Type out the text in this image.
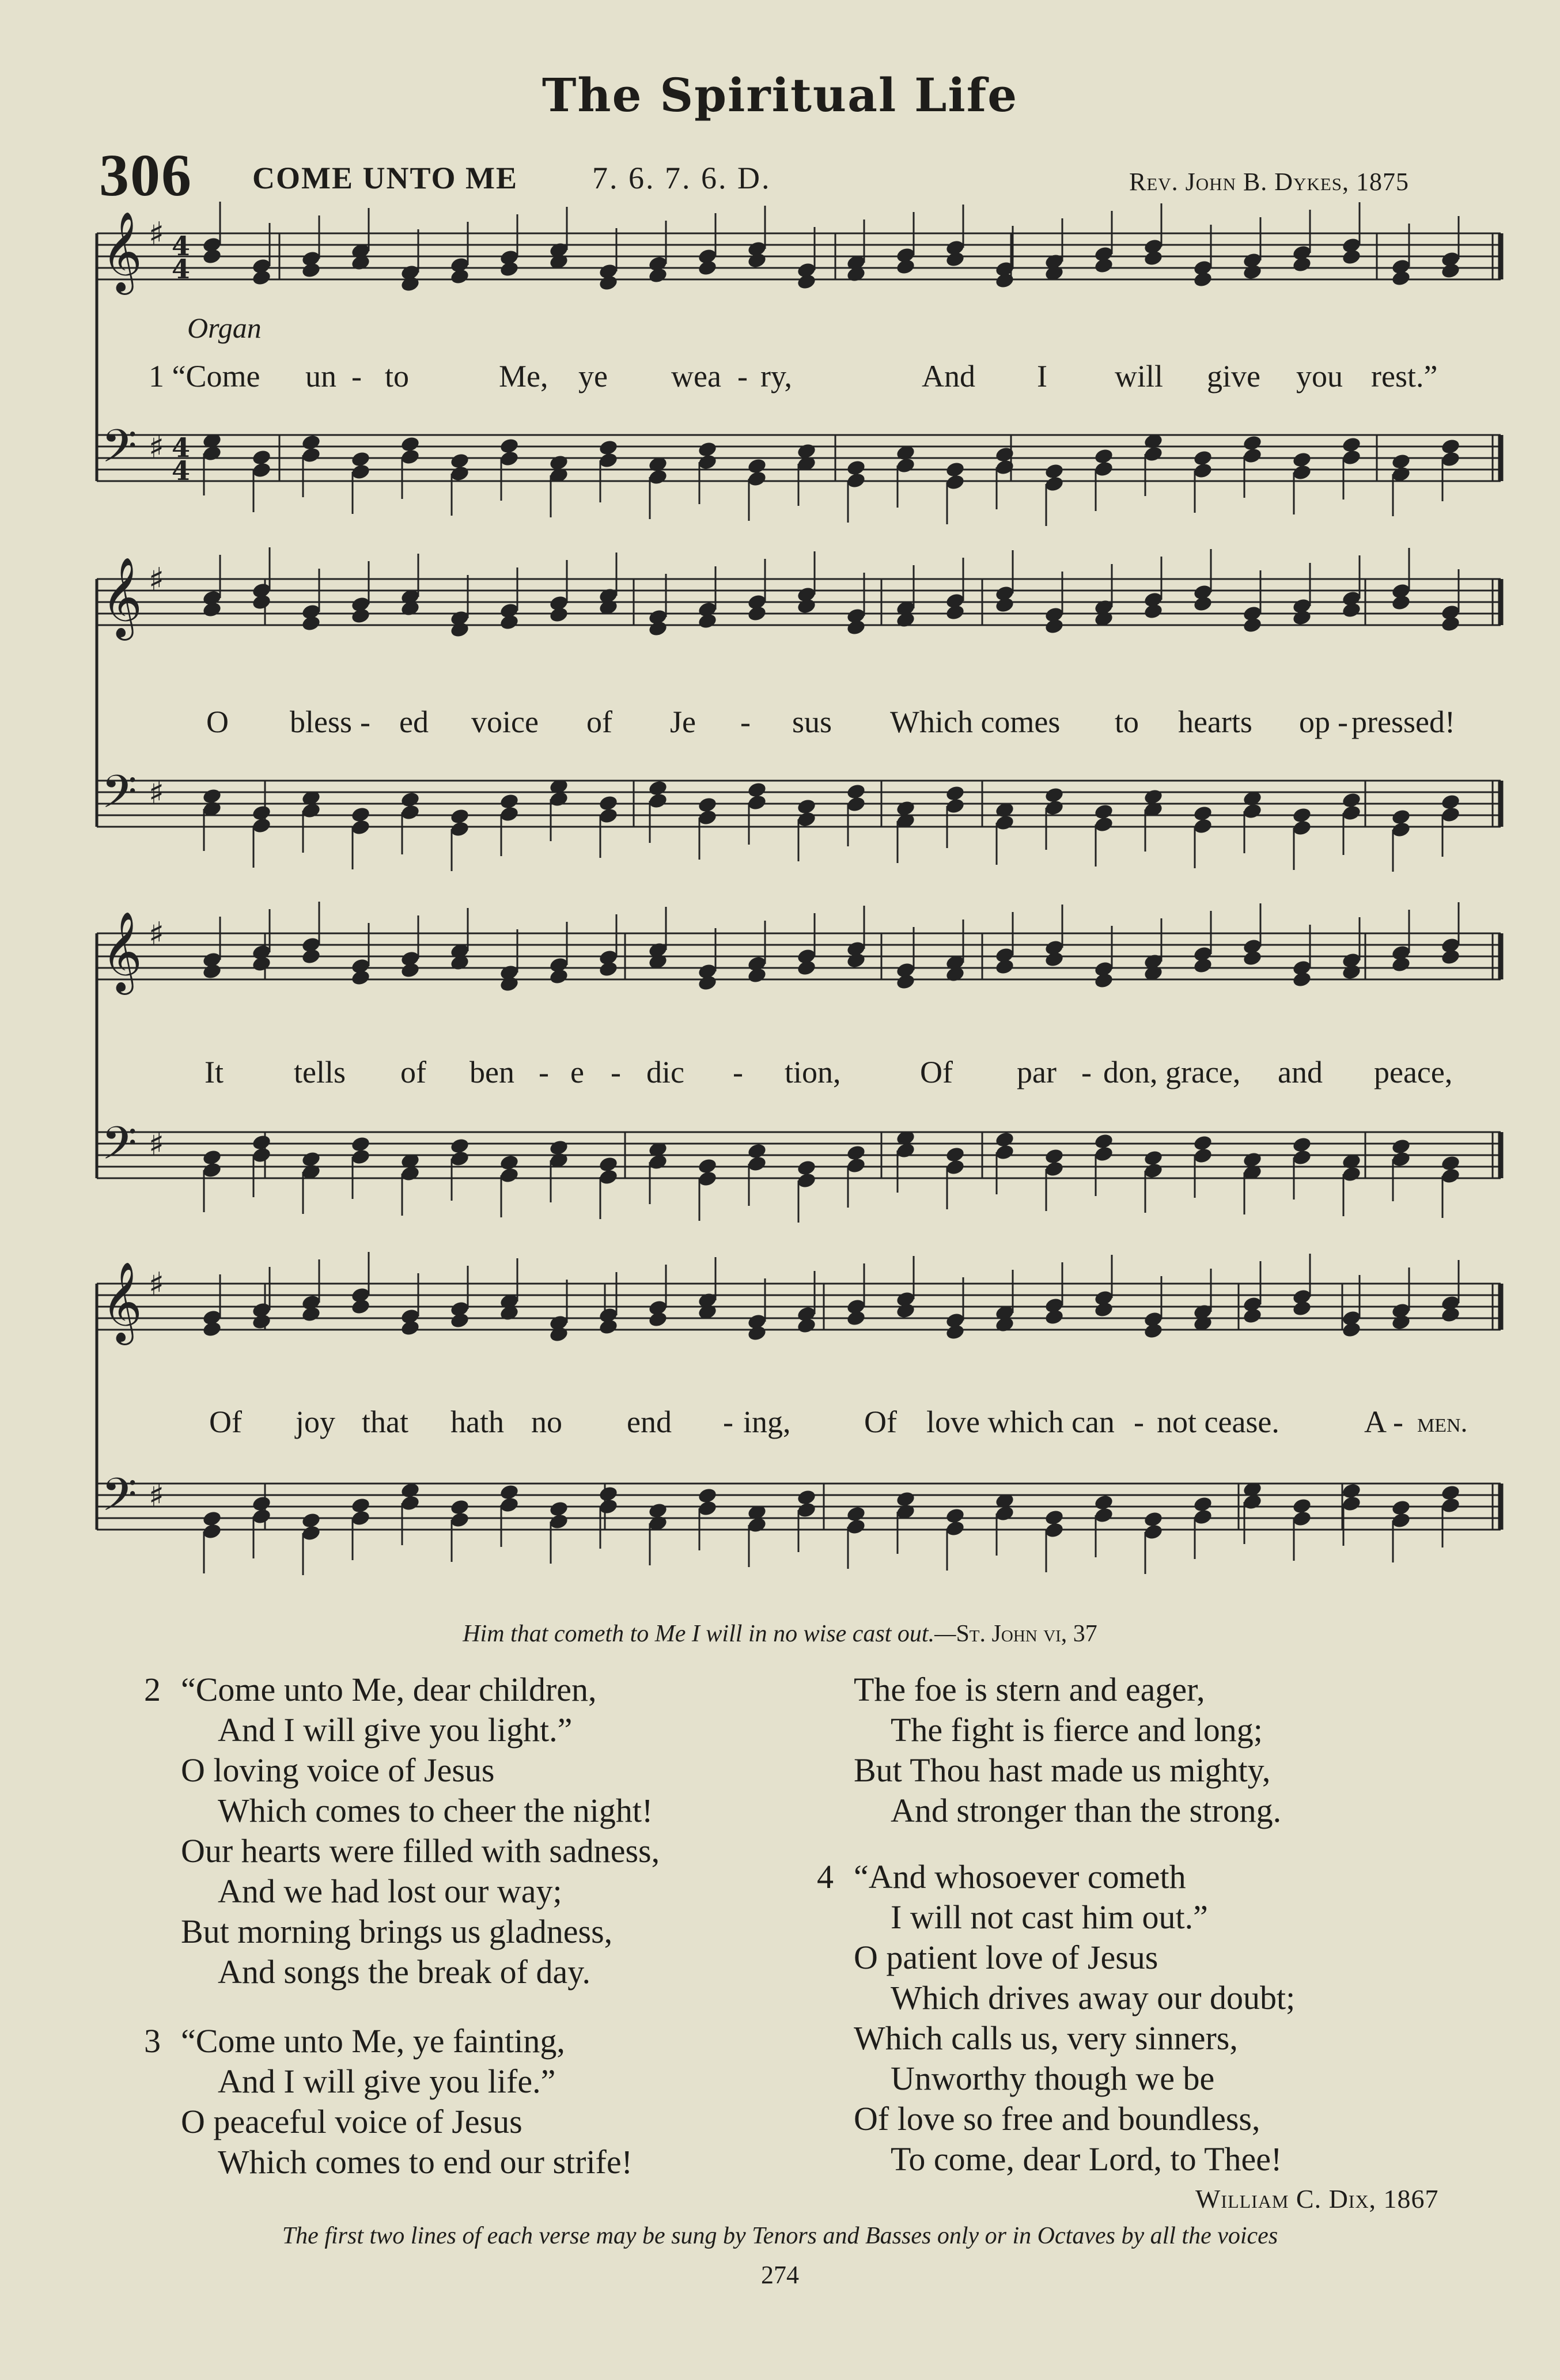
The Spiritual Life
306 COME UNTO ME 7. 6. 7. 6. D.	Rev. John B. Dykes, 1875
Organ
𝄞 ♯ 4
4
𝄢 ♯ 4
4
𝄞 ♯
𝄢 ♯
𝄞 ♯
𝄢 ♯
𝄞 ♯
𝄢 ♯
1 “Come un - to	Me, ye wea - ry,	And I will give you rest.”
O bless - ed voice of Je - sus Which comes to hearts op - pressed!
It tells of ben - e - dic - tion,	Of par - don, grace, and peace,
Of joy that hath no end - ing, Of love which can - not cease.	A - men.
Him that cometh to Me I will in no wise cast out.—St. John vi, 37
2 “Come unto Me, dear children,
And I will give you light.”
O loving voice of Jesus
Which comes to cheer the night!
Our hearts were filled with sadness,
And we had lost our way;
But morning brings us gladness,
And songs the break of day.
3 “Come unto Me, ye fainting,
And I will give you life.”
O peaceful voice of Jesus
Which comes to end our strife!
The foe is stern and eager,
The fight is fierce and long;
But Thou hast made us mighty,
And stronger than the strong.
4 “And whosoever cometh
I will not cast him out.”
O patient love of Jesus
Which drives away our doubt;
Which calls us, very sinners,
Unworthy though we be
Of love so free and boundless,
To come, dear Lord, to Thee!
William C. Dix, 1867
The first two lines of each verse may be sung by Tenors and Basses only or in Octaves by all the voices
274
